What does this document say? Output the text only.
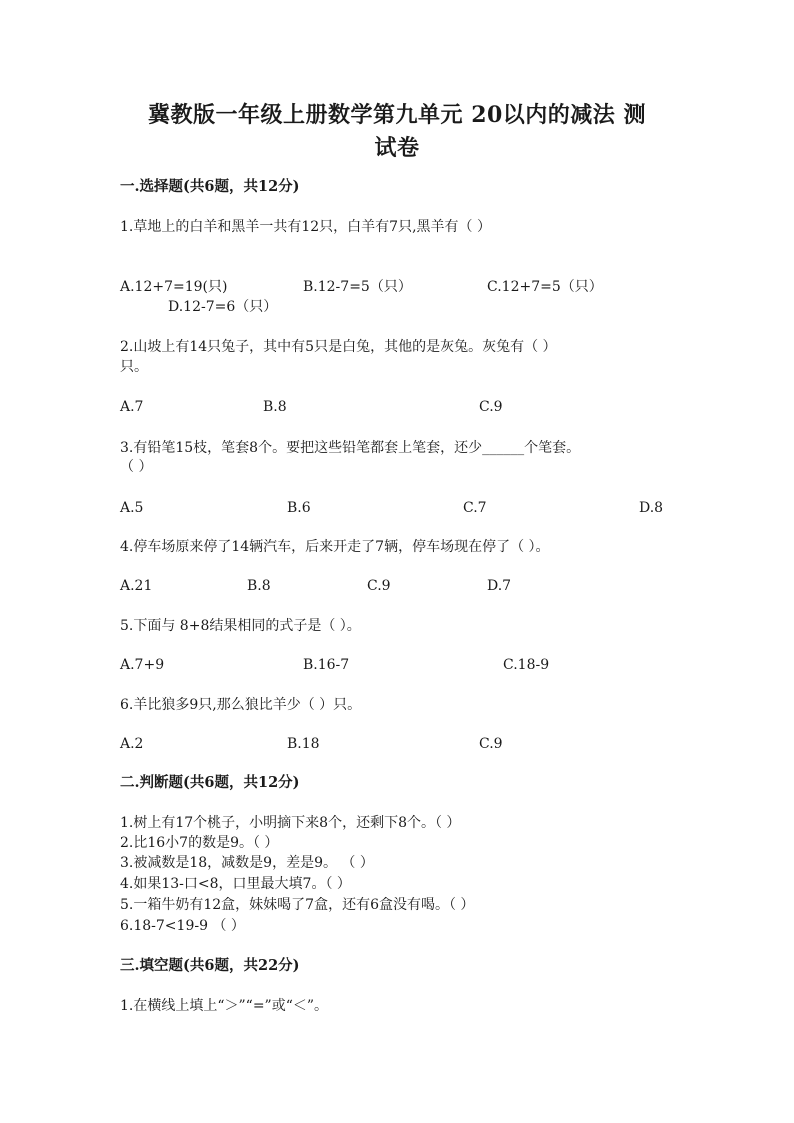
冀教版一年级上册数学第九单元 20以内的减法 测
试卷
一.选择题(共6题，共12分)
1.草地上的白羊和黑羊一共有12只，白羊有7只,黑羊有（ ）
A.12+7=19(只)	B.12-7=5（只）	C.12+7=5（只）
D.12-7=6（只）
2.山坡上有14只兔子，其中有5只是白兔，其他的是灰兔。灰兔有（ ）
只。
A.7	B.8	C.9
3.有铅笔15枝，笔套8个。要把这些铅笔都套上笔套，还少______个笔套。
（ ）
A.5	B.6	C.7	D.8
4.停车场原来停了14辆汽车，后来开走了7辆，停车场现在停了（ ）。
A.21	B.8	C.9	D.7
5.下面与 8+8结果相同的式子是（ ）。
A.7+9	B.16-7	C.18-9
6.羊比狼多9只,那么狼比羊少（ ）只。
A.2	B.18	C.9
二.判断题(共6题，共12分)
1.树上有17个桃子，小明摘下来8个，还剩下8个。（ ）
2.比16小7的数是9。（ ）
3.被减数是18，减数是9，差是9。 （ ）
4.如果13-口<8，口里最大填7。（ ）
5.一箱牛奶有12盒，妹妹喝了7盒，还有6盒没有喝。（ ）
6.18-7<19-9 （ ）
三.填空题(共6题，共22分)
1.在横线上填上“＞”“=”或“＜”。
